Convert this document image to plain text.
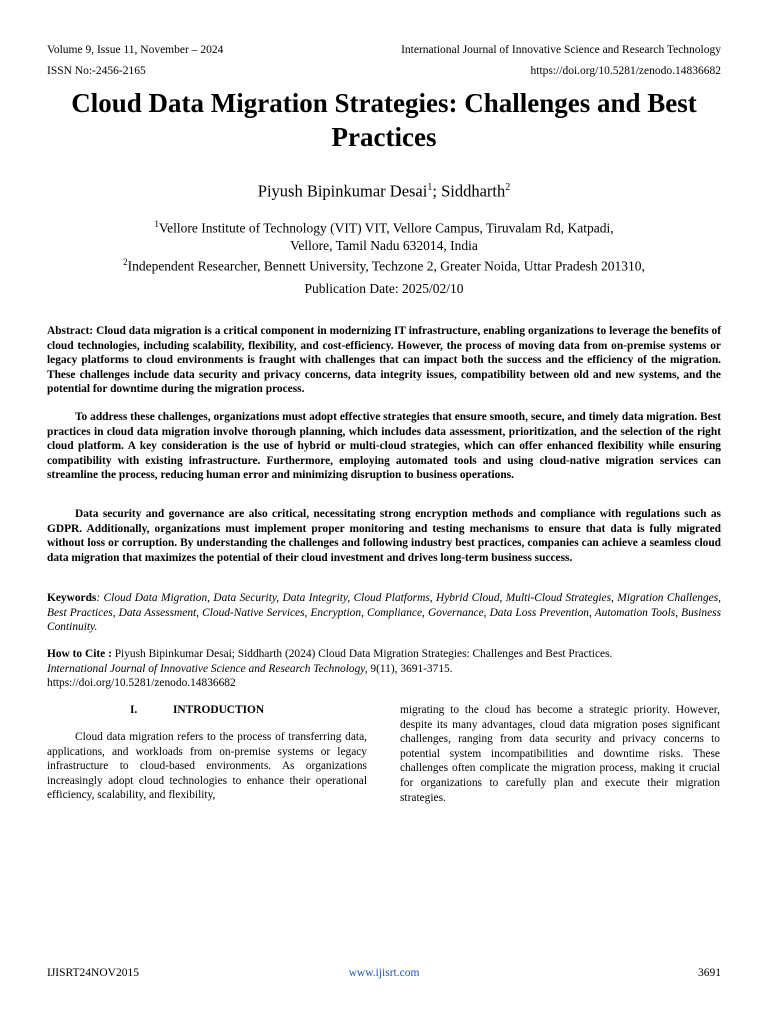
Volume 9, Issue 11, November – 2024	International Journal of Innovative Science and Research Technology
ISSN No:-2456-2165	https://doi.org/10.5281/zenodo.14836682
Cloud Data Migration Strategies: Challenges and Best Practices
Piyush Bipinkumar Desai$^1$; Siddharth$^2$
$^1$Vellore Institute of Technology (VIT) VIT, Vellore Campus, Tiruvalam Rd, Katpadi,
Vellore, Tamil Nadu 632014, India
$^2$Independent Researcher, Bennett University, Techzone 2, Greater Noida, Uttar Pradesh 201310,
Publication Date: 2025/02/10
Abstract: Cloud data migration is a critical component in modernizing IT infrastructure, enabling organizations to leverage the benefits of cloud technologies, including scalability, flexibility, and cost-efficiency. However, the process of moving data from on-premise systems or legacy platforms to cloud environments is fraught with challenges that can impact both the success and the efficiency of the migration. These challenges include data security and privacy concerns, data integrity issues, compatibility between old and new systems, and the potential for downtime during the migration process.
To address these challenges, organizations must adopt effective strategies that ensure smooth, secure, and timely data migration. Best practices in cloud data migration involve thorough planning, which includes data assessment, prioritization, and the selection of the right cloud platform. A key consideration is the use of hybrid or multi-cloud strategies, which can offer enhanced flexibility while ensuring compatibility with existing infrastructure. Furthermore, employing automated tools and using cloud-native migration services can streamline the process, reducing human error and minimizing disruption to business operations.
Data security and governance are also critical, necessitating strong encryption methods and compliance with regulations such as GDPR. Additionally, organizations must implement proper monitoring and testing mechanisms to ensure that data is fully migrated without loss or corruption. By understanding the challenges and following industry best practices, companies can achieve a seamless cloud data migration that maximizes the potential of their cloud investment and drives long-term business success.
Keywords: Cloud Data Migration, Data Security, Data Integrity, Cloud Platforms, Hybrid Cloud, Multi-Cloud Strategies, Migration Challenges, Best Practices, Data Assessment, Cloud-Native Services, Encryption, Compliance, Governance, Data Loss Prevention, Automation Tools, Business Continuity.
How to Cite : Piyush Bipinkumar Desai; Siddharth (2024) Cloud Data Migration Strategies: Challenges and Best Practices.
International Journal of Innovative Science and Research Technology, 9(11), 3691-3715.
https://doi.org/10.5281/zenodo.14836682
I.	INTRODUCTION
Cloud data migration refers to the process of transferring data, applications, and workloads from on-premise systems or legacy infrastructure to cloud-based environments. As organizations increasingly adopt cloud technologies to enhance their operational efficiency, scalability, and flexibility,
migrating to the cloud has become a strategic priority. However, despite its many advantages, cloud data migration poses significant challenges, ranging from data security and privacy concerns to potential system incompatibilities and downtime risks. These challenges often complicate the migration process, making it crucial for organizations to carefully plan and execute their migration strategies.
IJISRT24NOV2015	www.ijisrt.com	3691
